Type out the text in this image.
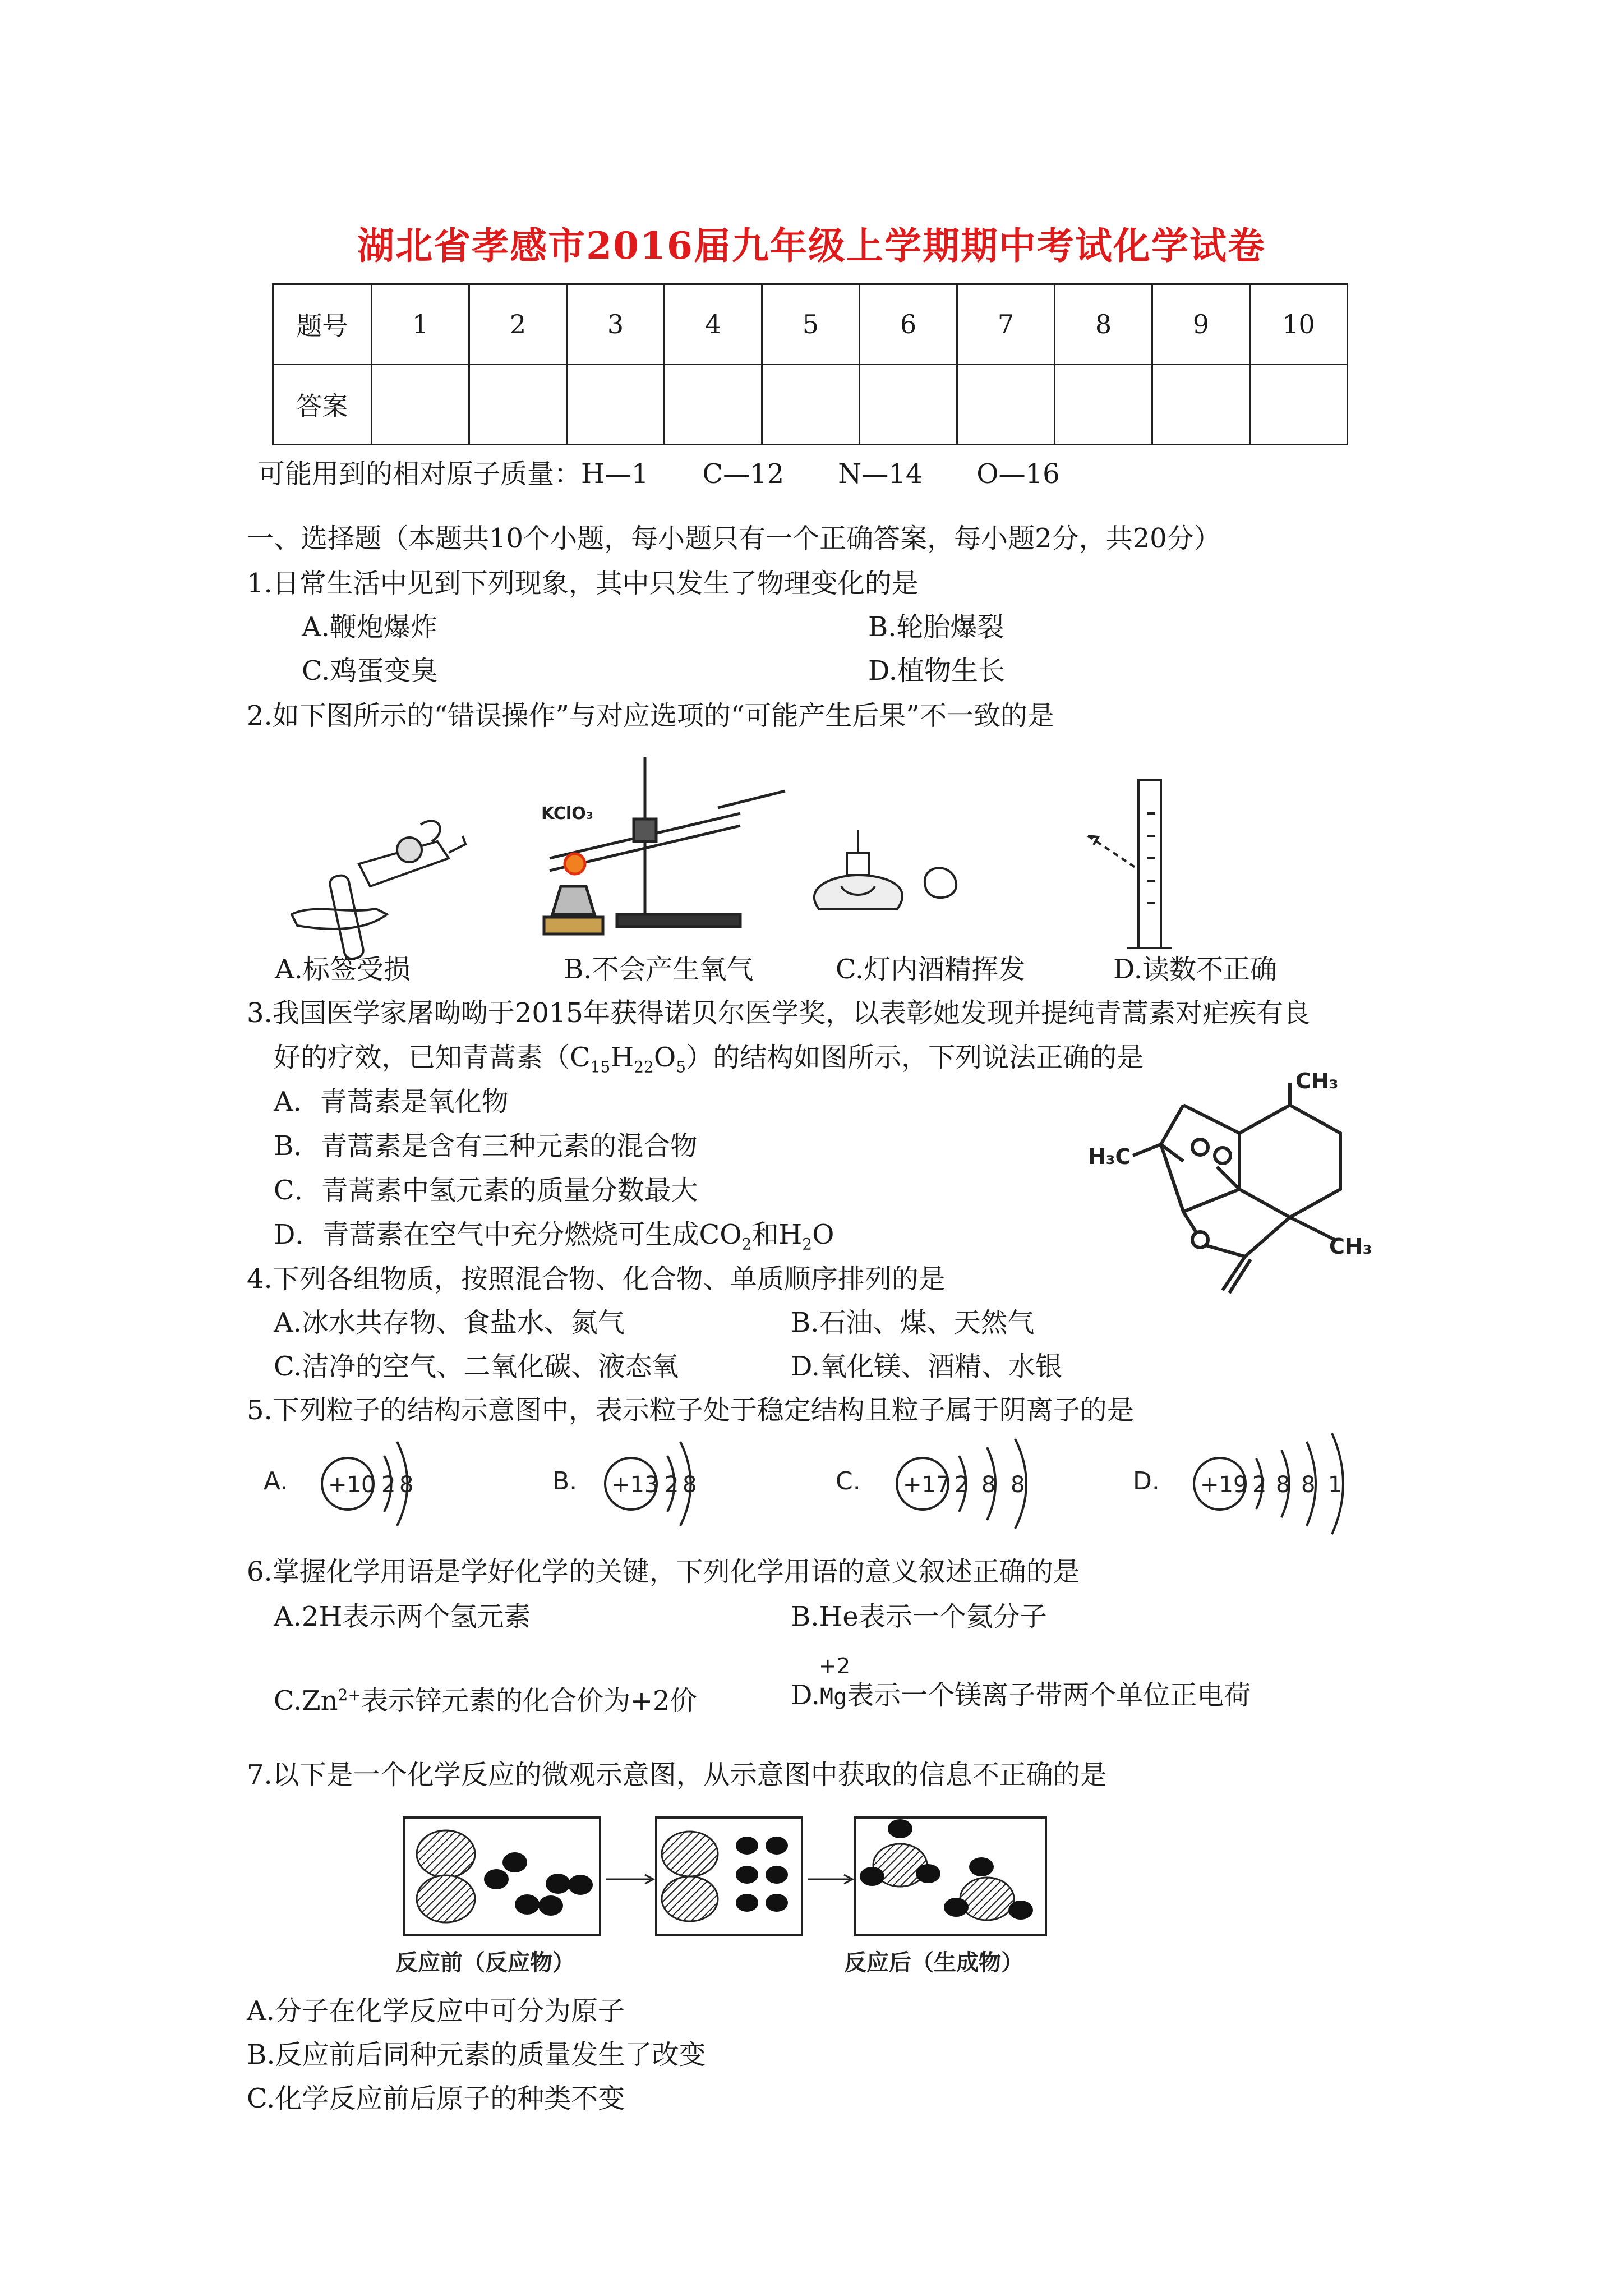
湖北省孝感市2016届九年级上学期期中考试化学试卷
题号	1	2	3	4	5	6	7	8	9	10
答案										
可能用到的相对原子质量：H—1　　C—12　　N—14　　O—16
一、选择题（本题共10个小题，每小题只有一个正确答案，每小题2分，共20分）
1.日常生活中见到下列现象，其中只发生了物理变化的是
A.鞭炮爆炸	B.轮胎爆裂
C.鸡蛋变臭	D.植物生长
2.如下图所示的“错误操作”与对应选项的“可能产生后果”不一致的是
KClO₃
A.标签受损	B.不会产生氧气	C.灯内酒精挥发	D.读数不正确
3.我国医学家屠呦呦于2015年获得诺贝尔医学奖，以表彰她发现并提纯青蒿素对疟疾有良
好的疗效，已知青蒿素$(C_{15}H_{22}O_5)$的结构如图所示，下列说法正确的是
A．青蒿素是氧化物
B．青蒿素是含有三种元素的混合物
C．青蒿素中氢元素的质量分数最大
D．青蒿素在空气中充分燃烧可生成$CO_2$和$H_2O$
CH₃
H₃C
CH₃
4.下列各组物质，按照混合物、化合物、单质顺序排列的是
A.冰水共存物、食盐水、氮气	B.石油、煤、天然气
C.洁净的空气、二氧化碳、液态氧	D.氧化镁、酒精、水银
5.下列粒子的结构示意图中，表示粒子处于稳定结构且粒子属于阴离子的是
A. +10 2 8	B. +13 2 8	C. +17 2 8 8	D. +19 2 8 8 1
6.掌握化学用语是学好化学的关键，下列化学用语的意义叙述正确的是
A.2H表示两个氢元素	B.He表示一个氦分子
$C.Zn^{2+}$表示锌元素的化合价为+2价	D.
+2
Mg表示一个镁离子带两个单位正电荷
7.以下是一个化学反应的微观示意图，从示意图中获取的信息不正确的是
反应前（反应物）	反应后（生成物）
A.分子在化学反应中可分为原子
B.反应前后同种元素的质量发生了改变
C.化学反应前后原子的种类不变
